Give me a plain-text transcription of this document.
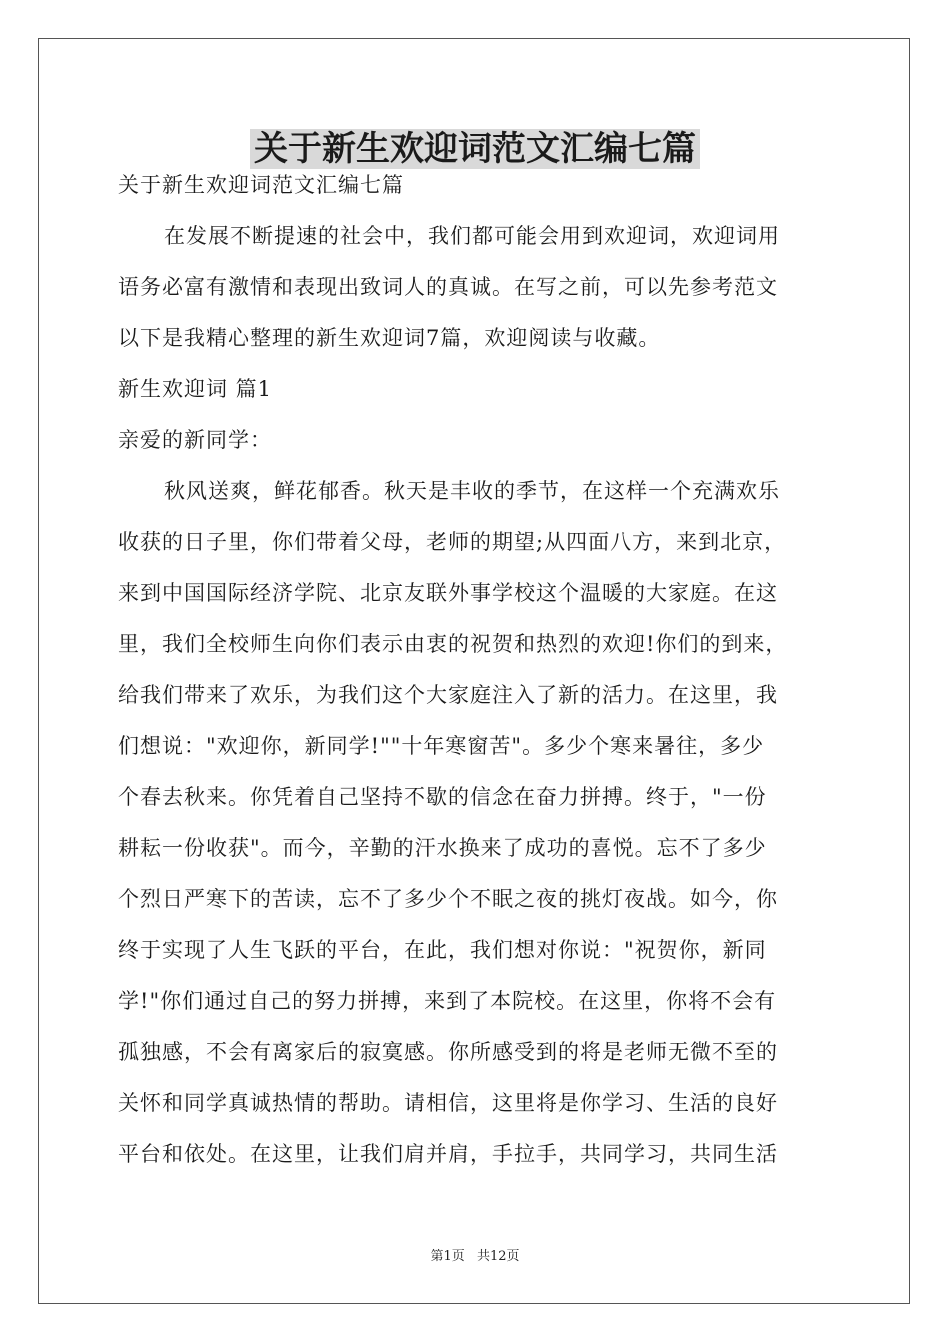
关于新生欢迎词范文汇编七篇
关于新生欢迎词范文汇编七篇
在发展不断提速的社会中，我们都可能会用到欢迎词，欢迎词用
语务必富有激情和表现出致词人的真诚。在写之前，可以先参考范文
以下是我精心整理的新生欢迎词7篇，欢迎阅读与收藏。
新生欢迎词 篇1
亲爱的新同学：
秋风送爽，鲜花郁香。秋天是丰收的季节，在这样一个充满欢乐
收获的日子里，你们带着父母，老师的期望;从四面八方，来到北京，
来到中国国际经济学院、北京友联外事学校这个温暖的大家庭。在这
里，我们全校师生向你们表示由衷的祝贺和热烈的欢迎!你们的到来，
给我们带来了欢乐，为我们这个大家庭注入了新的活力。在这里，我
们想说："欢迎你，新同学!""十年寒窗苦"。多少个寒来暑往，多少
个春去秋来。你凭着自己坚持不歇的信念在奋力拼搏。终于，"一份
耕耘一份收获"。而今，辛勤的汗水换来了成功的喜悦。忘不了多少
个烈日严寒下的苦读，忘不了多少个不眠之夜的挑灯夜战。如今，你
终于实现了人生飞跃的平台，在此，我们想对你说："祝贺你，新同
学!"你们通过自己的努力拼搏，来到了本院校。在这里，你将不会有
孤独感，不会有离家后的寂寞感。你所感受到的将是老师无微不至的
关怀和同学真诚热情的帮助。请相信，这里将是你学习、生活的良好
平台和依处。在这里，让我们肩并肩，手拉手，共同学习，共同生活
第1页 共12页
